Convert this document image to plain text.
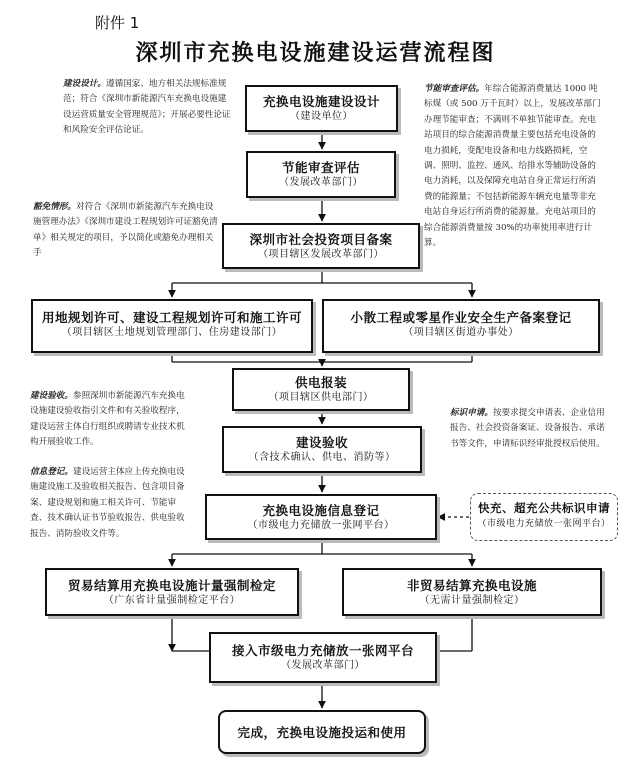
附件 1
深圳市充换电设施建设运营流程图
充换电设施建设设计
（建设单位）
节能审查评估
（发展改革部门）
深圳市社会投资项目备案
（项目辖区发展改革部门）
用地规划许可、建设工程规划许可和施工许可
（项目辖区土地规划管理部门、住房建设部门）
小散工程或零星作业安全生产备案登记
（项目辖区街道办事处）
供电报装
（项目辖区供电部门）
建设验收
（含技术确认、供电、消防等）
充换电设施信息登记
（市级电力充储放一张网平台）
快充、超充公共标识申请
（市级电力充储放一张网平台）
贸易结算用充换电设施计量强制检定
（广东省计量强制检定平台）
非贸易结算充换电设施
（无需计量强制检定）
接入市级电力充储放一张网平台
（发展改革部门）
完成，充换电设施投运和使用
建设设计。遵循国家、地方相关法规标准规范；符合《深圳市新能源汽车充换电设施建设运营质量安全管理规范》；开展必要性论证和风险安全评估论证。
节能审查评估。年综合能源消费量达 1000 吨标煤（或 500 万千瓦时）以上，发展改革部门办理节能审查；不满则不单独节能审查。充电站项目的综合能源消费量主要包括充电设备的电力损耗，变配电设备和电力线路损耗，空调、照明、监控、通风、给排水等辅助设备的电力消耗，以及保障充电站自身正常运行所消费的能源量；不包括新能源车辆充电量等非充电站自身运行所消费的能源量。充电站项目的综合能源消费量按 30%的功率使用率进行计算。
豁免情形。对符合《深圳市新能源汽车充换电设施管理办法》《深圳市建设工程规划许可证豁免清单》相关规定的项目，予以简化或豁免办理相关手
建设验收。参照深圳市新能源汽车充换电设施建设验收指引文件和有关验收程序，建设运营主体自行组织或聘请专业技术机构开展验收工作。
信息登记。建设运营主体应上传充换电设施建设施工及验收相关报告、包含项目备案、建设规划和施工相关许可、节能审查、技术确认证书节验收报告、供电验收报告、消防验收文件等。
标识申请。按要求提交申请表、企业信用报告、社会投资备案证、设备报告、承诺书等文件，申请标识经审批授权后使用。
